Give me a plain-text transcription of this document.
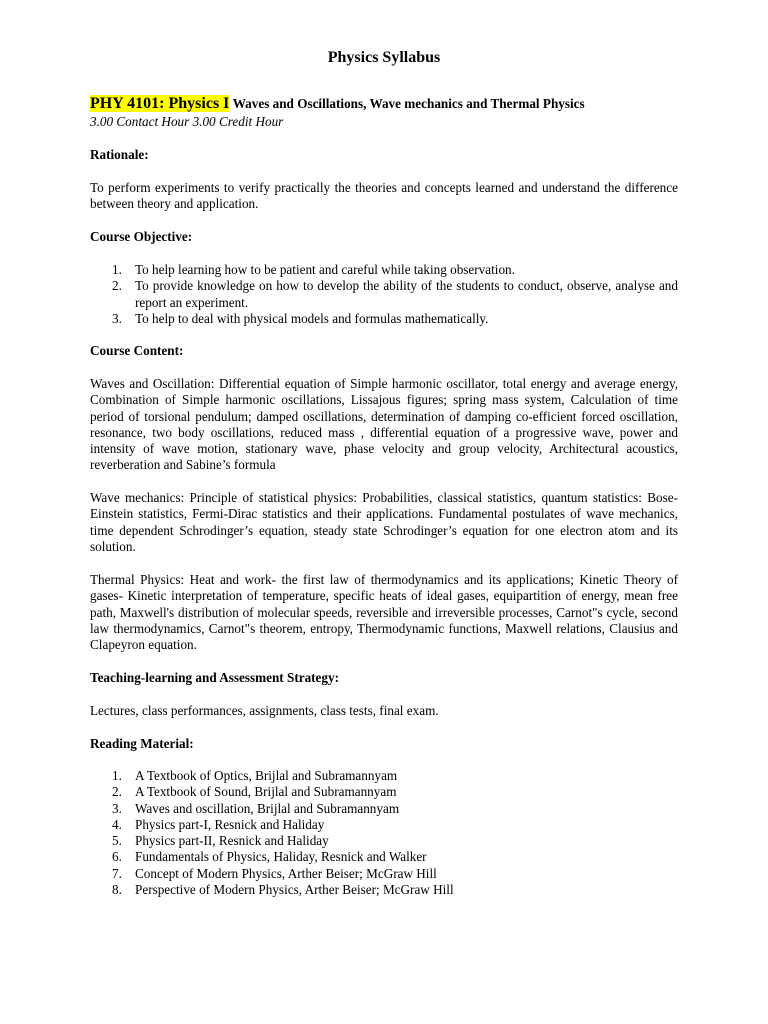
Physics Syllabus
PHY 4101: Physics I Waves and Oscillations, Wave mechanics and Thermal Physics
3.00 Contact Hour 3.00 Credit Hour
Rationale:
To perform experiments to verify practically the theories and concepts learned and understand the difference between theory and application.
Course Objective:
1. To help learning how to be patient and careful while taking observation.
2. To provide knowledge on how to develop the ability of the students to conduct, observe, analyse and report an experiment.
3. To help to deal with physical models and formulas mathematically.
Course Content:
Waves and Oscillation: Differential equation of Simple harmonic oscillator, total energy and average energy, Combination of Simple harmonic oscillations, Lissajous figures; spring mass system, Calculation of time period of torsional pendulum; damped oscillations, determination of damping co-efficient forced oscillation, resonance, two body oscillations, reduced mass , differential equation of a progressive wave, power and intensity of wave motion, stationary wave, phase velocity and group velocity, Architectural acoustics, reverberation and Sabine’s formula
Wave mechanics: Principle of statistical physics: Probabilities, classical statistics, quantum statistics: Bose-Einstein statistics, Fermi-Dirac statistics and their applications. Fundamental postulates of wave mechanics, time dependent Schrodinger’s equation, steady state Schrodinger’s equation for one electron atom and its solution.
Thermal Physics: Heat and work- the first law of thermodynamics and its applications; Kinetic Theory of gases- Kinetic interpretation of temperature, specific heats of ideal gases, equipartition of energy, mean free path, Maxwell's distribution of molecular speeds, reversible and irreversible processes, Carnot"s cycle, second law thermodynamics, Carnot"s theorem, entropy, Thermodynamic functions, Maxwell relations, Clausius and Clapeyron equation.
Teaching-learning and Assessment Strategy:
Lectures, class performances, assignments, class tests, final exam.
Reading Material:
1. A Textbook of Optics, Brijlal and Subramannyam
2. A Textbook of Sound, Brijlal and Subramannyam
3. Waves and oscillation, Brijlal and Subramannyam
4. Physics part-I, Resnick and Haliday
5. Physics part-II, Resnick and Haliday
6. Fundamentals of Physics, Haliday, Resnick and Walker
7. Concept of Modern Physics, Arther Beiser; McGraw Hill
8. Perspective of Modern Physics, Arther Beiser; McGraw Hill
